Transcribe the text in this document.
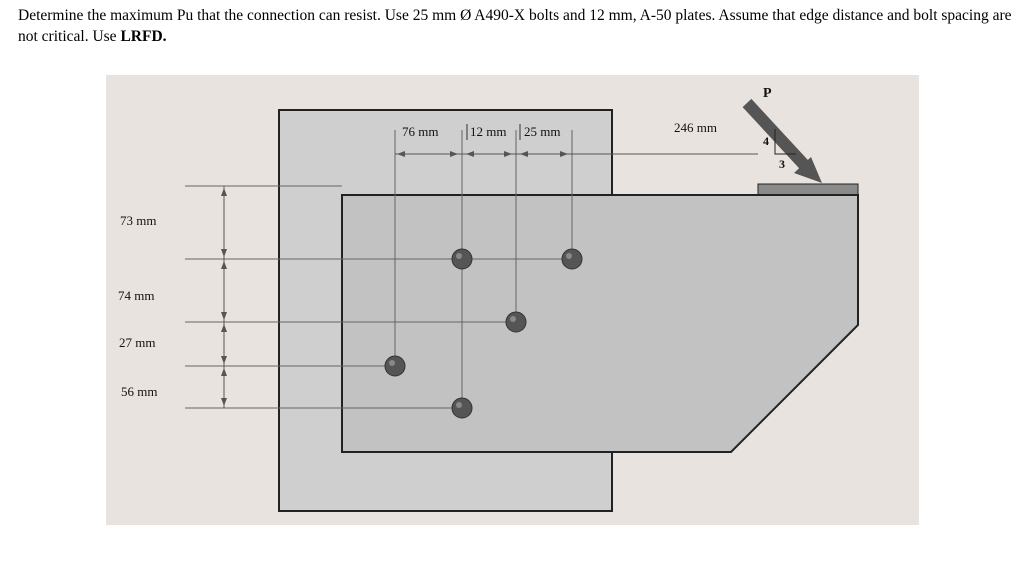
Determine the maximum Pu that the connection can resist. Use 25 mm Ø A490-X bolts and 12 mm, A-50 plates. Assume that edge distance and bolt spacing are not critical. Use LRFD.
76 mm 12 mm 25 mm	246 mm
73 mm
74 mm
27 mm
56 mm
P
4
3
